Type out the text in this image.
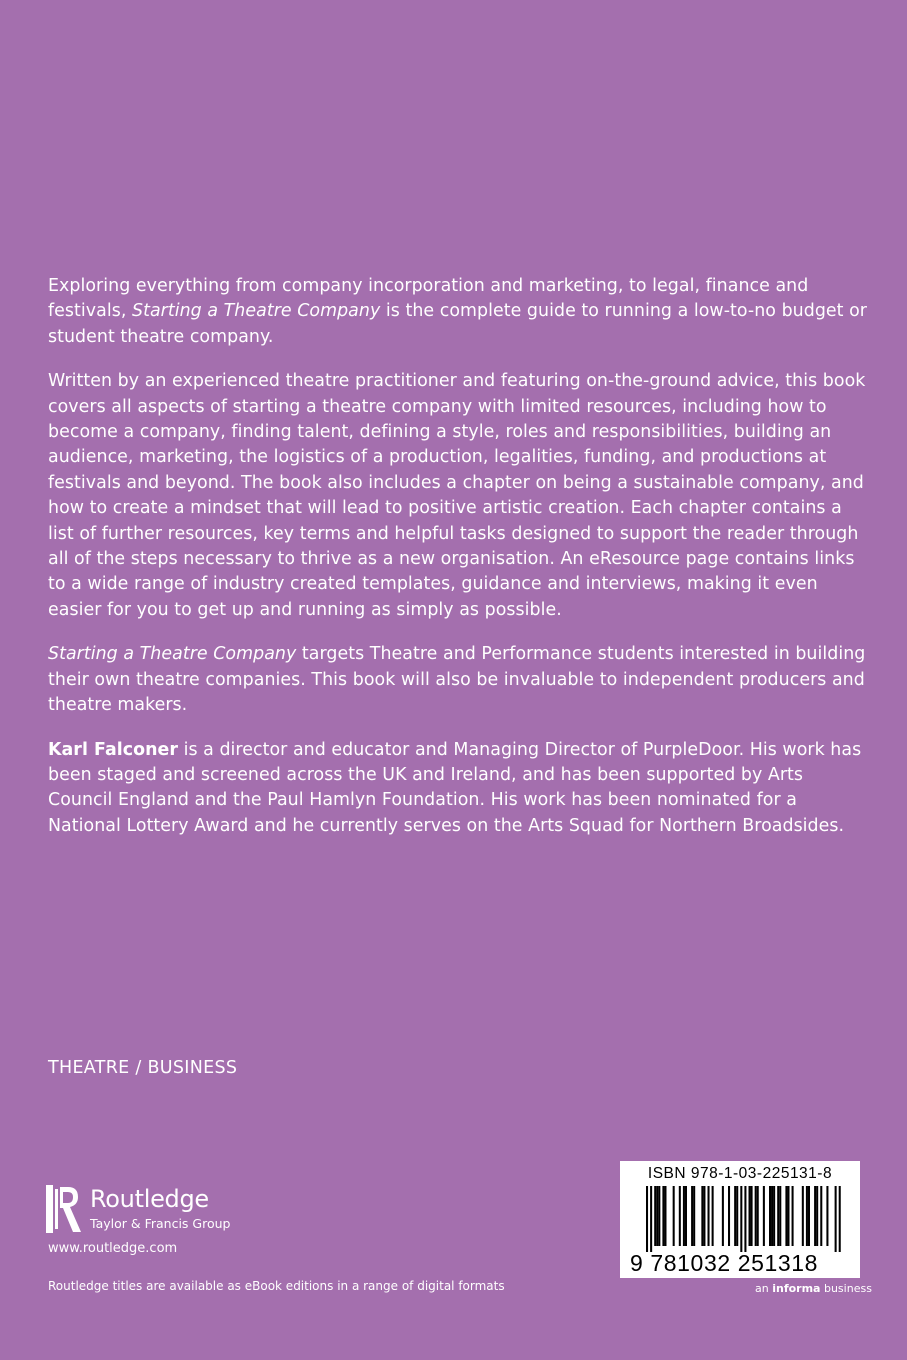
Exploring everything from company incorporation and marketing, to legal, finance and festivals, Starting a Theatre Company is the complete guide to running a low-to-no budget or student theatre company.

Written by an experienced theatre practitioner and featuring on-the-ground advice, this book covers all aspects of starting a theatre company with limited resources, including how to become a company, finding talent, defining a style, roles and responsibilities, building an audience, marketing, the logistics of a production, legalities, funding, and productions at festivals and beyond. The book also includes a chapter on being a sustainable company, and how to create a mindset that will lead to positive artistic creation. Each chapter contains a list of further resources, key terms and helpful tasks designed to support the reader through all of the steps necessary to thrive as a new organisation. An eResource page contains links to a wide range of industry created templates, guidance and interviews, making it even easier for you to get up and running as simply as possible.

Starting a Theatre Company targets Theatre and Performance students interested in building their own theatre companies. This book will also be invaluable to independent producers and theatre makers.

Karl Falconer is a director and educator and Managing Director of PurpleDoor. His work has been staged and screened across the UK and Ireland, and has been supported by Arts Council England and the Paul Hamlyn Foundation. His work has been nominated for a National Lottery Award and he currently serves on the Arts Squad for Northern Broadsides.

THEATRE / BUSINESS
Routledge
Taylor & Francis Group
www.routledge.com
Routledge titles are available as eBook editions in a range of digital formats
ISBN 978-1-03-225131-8
9 781032 251318
an informa business
